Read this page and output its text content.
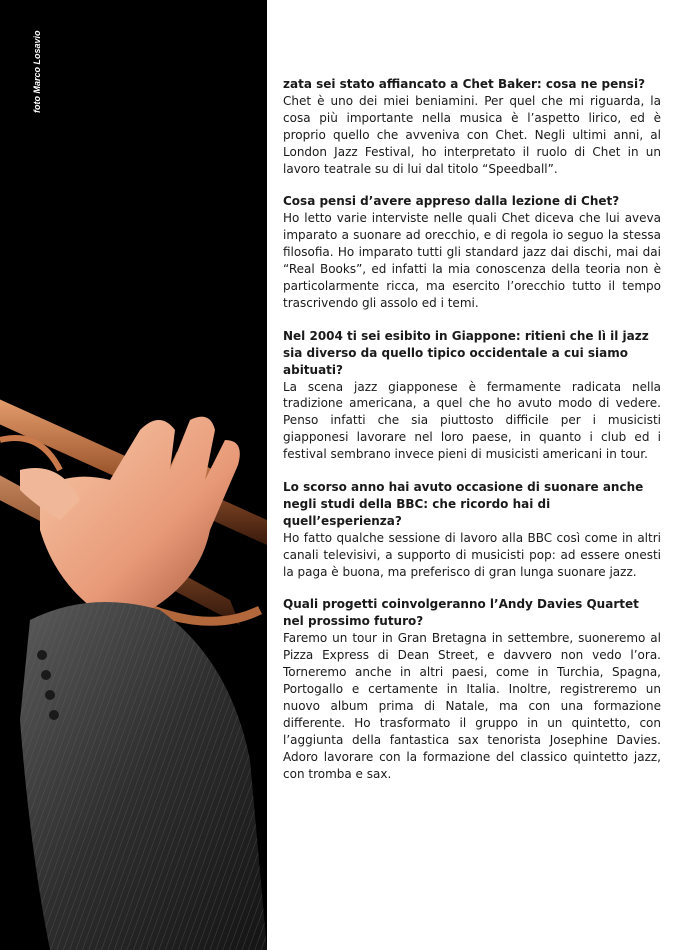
foto Marco Losavio	zata sei stato affiancato a Chet Baker: cosa ne pensi?

Chet è uno dei miei beniamini. Per quel che mi riguarda, la cosa più importante nella musica è l’aspetto lirico, ed è proprio quello che avveniva con Chet. Negli ultimi anni, al London Jazz Festival, ho interpretato il ruolo di Chet in un lavoro teatrale su di lui dal titolo “Speedball”.

Cosa pensi d’avere appreso dalla lezione di Chet?

Ho letto varie interviste nelle quali Chet diceva che lui aveva imparato a suonare ad orecchio, e di regola io seguo la stessa filosofia. Ho imparato tutti gli standard jazz dai dischi, mai dai “Real Books”, ed infatti la mia conoscenza della teoria non è particolarmente ricca, ma esercito l’orecchio tutto il tempo trascrivendo gli assolo ed i temi.

Nel 2004 ti sei esibito in Giappone: ritieni che lì il jazz sia diverso da quello tipico occidentale a cui siamo abituati?

La scena jazz giapponese è fermamente radicata nella tradizione americana, a quel che ho avuto modo di vedere. Penso infatti che sia piuttosto difficile per i musicisti giapponesi lavorare nel loro paese, in quanto i club ed i festival sembrano invece pieni di musicisti americani in tour.

Lo scorso anno hai avuto occasione di suonare anche negli studi della BBC: che ricordo hai di quell’esperienza?

Ho fatto qualche sessione di lavoro alla BBC così come in altri canali televisivi, a supporto di musicisti pop: ad essere onesti la paga è buona, ma preferisco di gran lunga suonare jazz.

Quali progetti coinvolgeranno l’Andy Davies Quartet nel prossimo futuro?

Faremo un tour in Gran Bretagna in settembre, suoneremo al Pizza Express di Dean Street, e davvero non vedo l’ora. Torneremo anche in altri paesi, come in Turchia, Spagna, Portogallo e certamente in Italia. Inoltre, registreremo un nuovo album prima di Natale, ma con una formazione differente. Ho trasformato il gruppo in un quintetto, con l’aggiunta della fantastica sax tenorista Josephine Davies. Adoro lavorare con la formazione del classico quintetto jazz, con tromba e sax.
